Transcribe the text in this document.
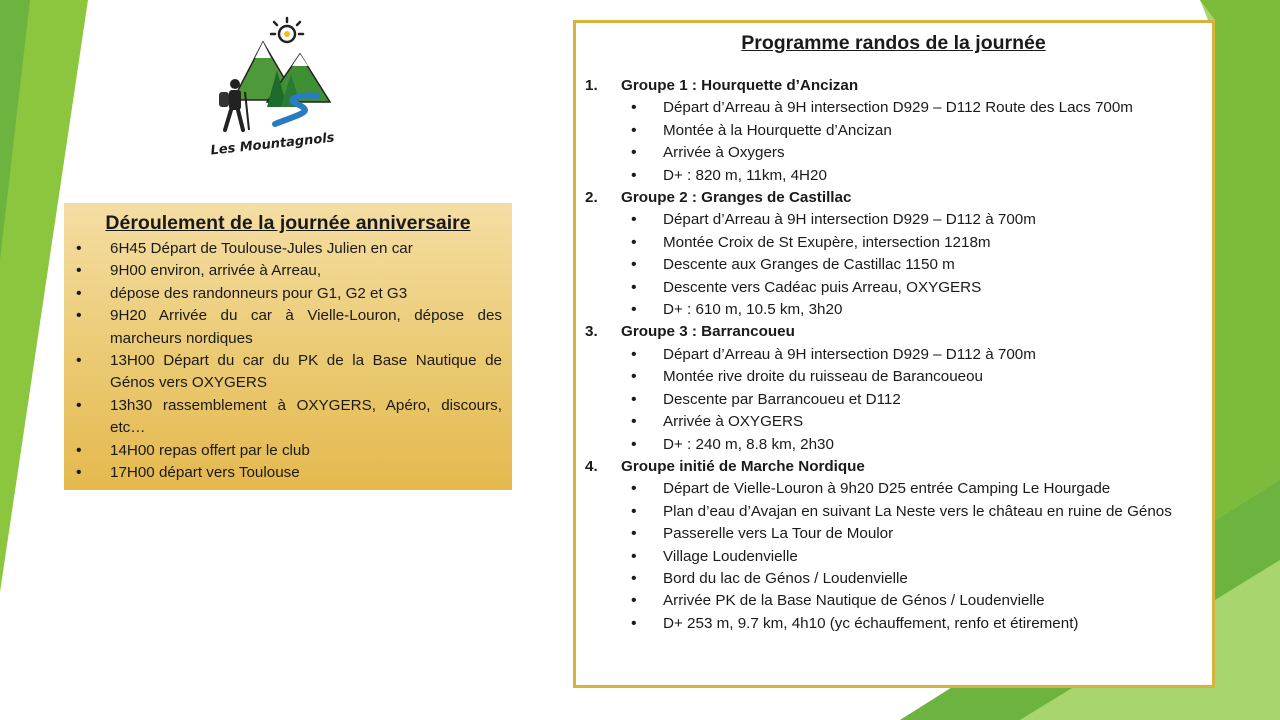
Les Mountagnols
Déroulement de la journée anniversaire
• 6H45 Départ de Toulouse-Jules Julien en car
• 9H00 environ, arrivée à Arreau,
• dépose des randonneurs pour G1, G2 et G3
• 9H20 Arrivée du car à Vielle-Louron, dépose des marcheurs nordiques
• 13H00 Départ du car du PK de la Base Nautique de Génos vers OXYGERS
• 13h30 rassemblement à OXYGERS, Apéro, discours, etc…
• 14H00 repas offert par le club
• 17H00 départ vers Toulouse
Programme randos de la journée
1. Groupe 1 : Hourquette d’Ancizan
• Départ d’Arreau à 9H intersection D929 – D112 Route des Lacs 700m
• Montée à la Hourquette d’Ancizan
• Arrivée à Oxygers
• D+ : 820 m, 11km, 4H20
2. Groupe 2 : Granges de Castillac
• Départ d’Arreau à 9H intersection D929 – D112 à 700m
• Montée Croix de St Exupère, intersection 1218m
• Descente aux Granges de Castillac 1150 m
• Descente vers Cadéac puis Arreau, OXYGERS
• D+ : 610 m, 10.5 km, 3h20
3. Groupe 3 : Barrancoueu
• Départ d’Arreau à 9H intersection D929 – D112 à 700m
• Montée rive droite du ruisseau de Barancoueou
• Descente par Barrancoueu et D112
• Arrivée à OXYGERS
• D+ : 240 m, 8.8 km, 2h30
4. Groupe initié de Marche Nordique
• Départ de Vielle-Louron à 9h20 D25 entrée Camping Le Hourgade
• Plan d’eau d’Avajan en suivant La Neste vers le château en ruine de Génos
• Passerelle vers La Tour de Moulor
• Village Loudenvielle
• Bord du lac de Génos / Loudenvielle
• Arrivée PK de la Base Nautique de Génos / Loudenvielle
• D+ 253 m, 9.7 km, 4h10 (yc échauffement, renfo et étirement)
